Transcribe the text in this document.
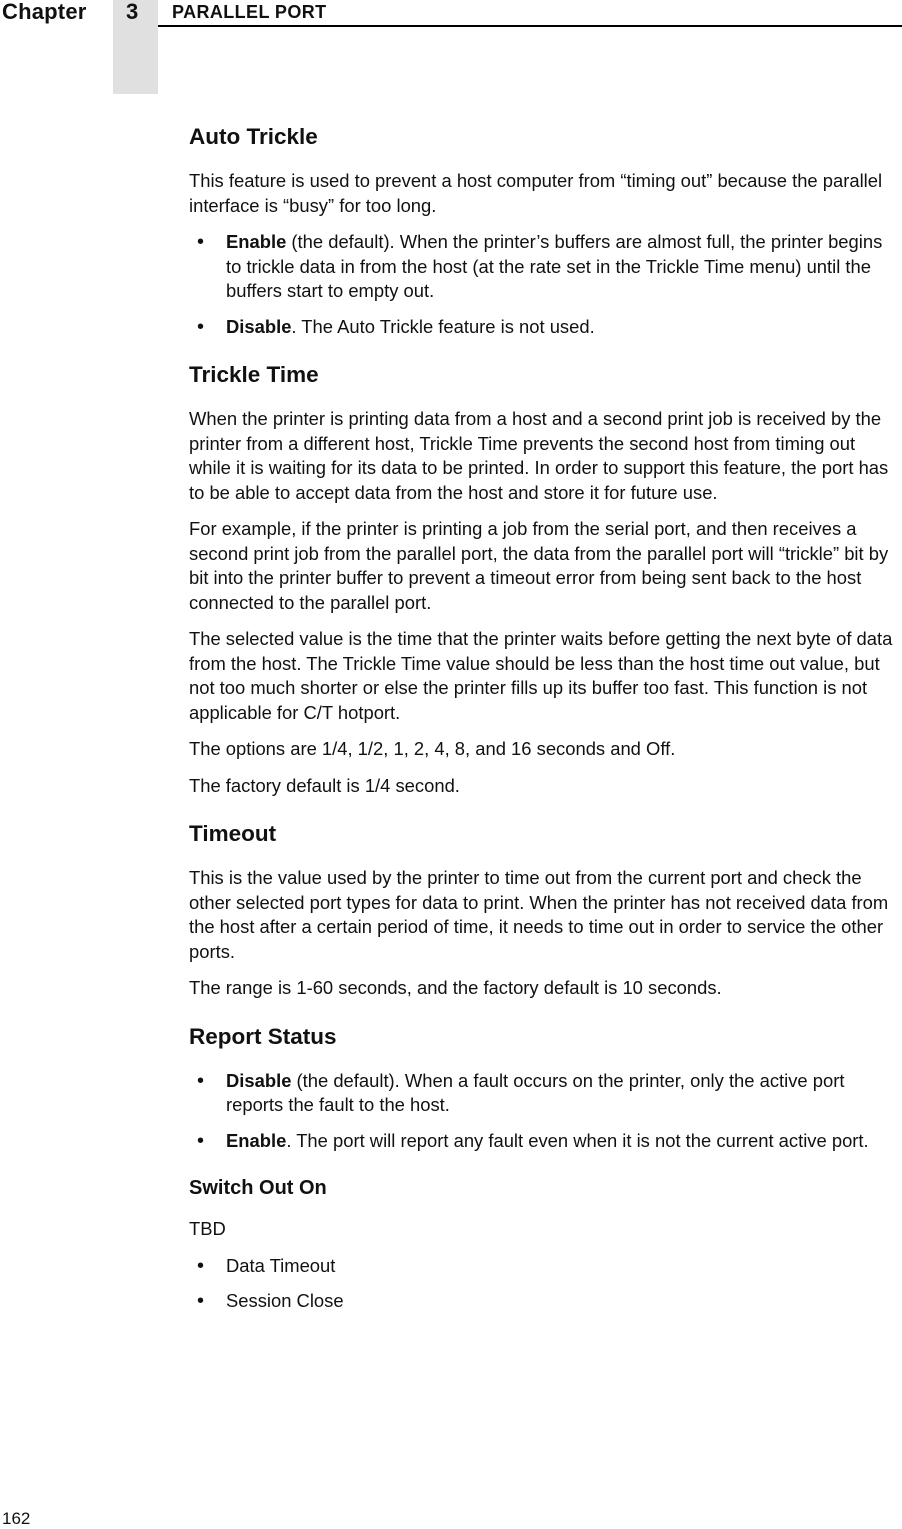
Chapter 3 PARALLEL PORT
Auto Trickle

This feature is used to prevent a host computer from “timing out” because the parallel interface is “busy” for too long.

• Enable (the default). When the printer’s buffers are almost full, the printer begins to trickle data in from the host (at the rate set in the Trickle Time menu) until the buffers start to empty out.
• Disable. The Auto Trickle feature is not used.
Trickle Time

When the printer is printing data from a host and a second print job is received by the printer from a different host, Trickle Time prevents the second host from timing out while it is waiting for its data to be printed. In order to support this feature, the port has to be able to accept data from the host and store it for future use.

For example, if the printer is printing a job from the serial port, and then receives a second print job from the parallel port, the data from the parallel port will “trickle” bit by bit into the printer buffer to prevent a timeout error from being sent back to the host connected to the parallel port.

The selected value is the time that the printer waits before getting the next byte of data from the host. The Trickle Time value should be less than the host time out value, but not too much shorter or else the printer fills up its buffer too fast. This function is not applicable for C/T hotport.

The options are 1/4, 1/2, 1, 2, 4, 8, and 16 seconds and Off.

The factory default is 1/4 second.

Timeout

This is the value used by the printer to time out from the current port and check the other selected port types for data to print. When the printer has not received data from the host after a certain period of time, it needs to time out in order to service the other ports.

The range is 1-60 seconds, and the factory default is 10 seconds.

Report Status
• Disable (the default). When a fault occurs on the printer, only the active port reports the fault to the host.
• Enable. The port will report any fault even when it is not the current active port.
Switch Out On

TBD

• Data Timeout
• Session Close
162
